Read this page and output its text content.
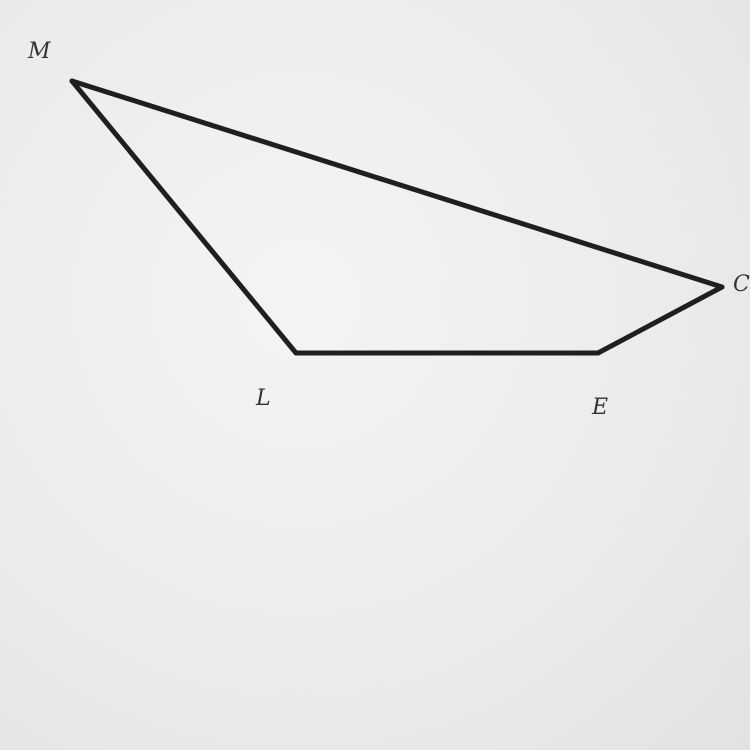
M
L	E
C
